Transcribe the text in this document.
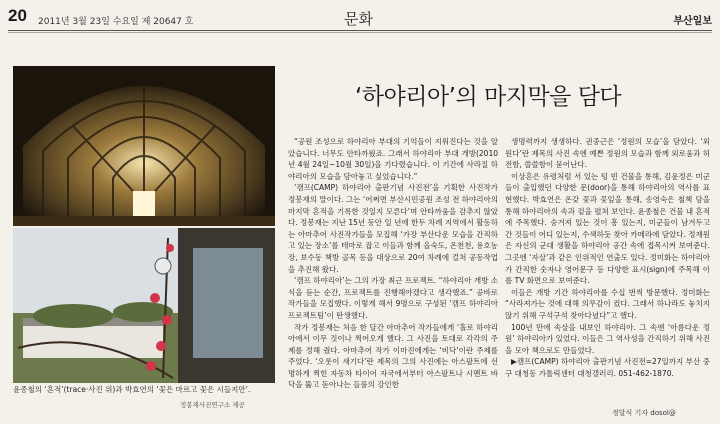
20 2011년 3월 23일 수요일 제 20647 호	문화	부산일보
윤종철의 ‘흔적’(trace·사진 위)과 박효연의 ‘꽃은 마르고 꽃은 시들지만’.
정봉재사진연구소 제공
‘하야리아’의 마지막을 담다

“공원 조성으로 하야리아 부대의 기억들이 지워진다는 것을 알았습니다. 너무도 안타까웠죠. 그래서 하야리아 부대 개방(2010년 4월 24일~10월 30일)을 기다렸습니다. 이 기간에 사라질 하야리아의 모습을 담아놓고 싶었습니다.”

‘캠프(CAMP) 하야리아 출판기념 사진전’을 기획한 사진작가 정봉재의 말이다. 그는 ‘어쩌면 부산시민공원 조성 전 하야리아의 마지막 흔적을 기록한 것일지 모른다’며 안타까움을 감추지 않았다. 정봉재는 지난 15년 동안 일 년에 한두 차례 지역에서 활동하는 아마추어 사진작가들을 모집해 ‘가장 부산다운 모습을 간직하고 있는 장소’를 테마로 잡고 이들과 함께 을숙도, 온천천, 용호농장, 보수동 책방 골목 등을 대상으로 20여 차례에 걸쳐 공동작업을 추진해 왔다.

‘캠프 하야리아’는 그의 가장 최근 프로젝트. “하야리아 개방 소식을 듣는 순간, 프로젝트를 진행해야겠다고 생각했죠.” 공바로 작가들을 모집했다. 이렇게 해서 9명으로 구성된 ‘캠프 하야리아 프로젝트팀’이 탄생했다.

작가 정봉재는 처음 한 달간 아마추어 작가들에게 ‘홀로 하야리아에서 이무 것이나 찍어오게 했다. 그 사진을 토대로 각각의 주제를 정해 줬다. 아마추어 작가 이마진에게는 ‘비닥’이란 주제를 주었다. ‘오롯이 새기다’란 제목의 그의 사진에는 아스팔트에 선명하게 찍힌 자동차 타이어 자국에서부터 아스팔트나 시멘트 바닥을 뚫고 돋아나는 들풀의 강인한

생명력까지 생생하다. 권중근은 ‘정원의 모습’을 담았다. ‘외원다’란 제목의 사진 속엔 예쁜 정원의 모습과 함께 외로움과 허전함, 쓸쓸함이 묻어난다.

이상흔은 유령처럼 서 있는 텅 빈 건물을 통해, 김윤정은 미군들이 출입했던 다양한 문(door)을 통해 하야리아의 역사를 표현했다. 박효연은 온갖 꽃과 꽃잎을 통해, 송영숙은 철책 담을 통해 하야리아의 속과 겉을 펼쳐 보인다. 윤종철은 건물 내 흔적에 주목했다. 숭겨져 있는 것이 흥 있는지, 미군들이 남겨두고 간 것들이 어디 있는지, 수색하듯 찾아 카메라에 담았다. 정재원은 자신의 군대 생활을 하야리아 공간 속에 접목시켜 보여준다. 그곳엔 ‘자살’과 같은 인위적인 연출도 있다. 정미화는 하야리아가 간직한 숫자나 영어문구 등 다양한 표시(sign)에 주목해 이를 TV 화면으로 보여준다.

이들은 개방 기간 하야리아를 수십 번씩 방문했다. 정미화는 “사라져가는 것에 대해 의무감이 컸다. 그래서 하나라도 놓치지 않기 위해 구석구석 찾아다녔다”고 했다.

100년 만에 속살을 내보인 하야리아. 그 속엔 ‘아름다운 정원’ 하야리아가 있었다. 이들은 그 역사성을 간직하기 위해 사진을 모아 책으로도 만들었다.

▶캠프(CAMP) 하야리아 출판기념 사진전=27일까지 부산 중구 대청동 가톨릭센터 대청갤러리. 051-462-1870.

정달식 기자 dosol@
